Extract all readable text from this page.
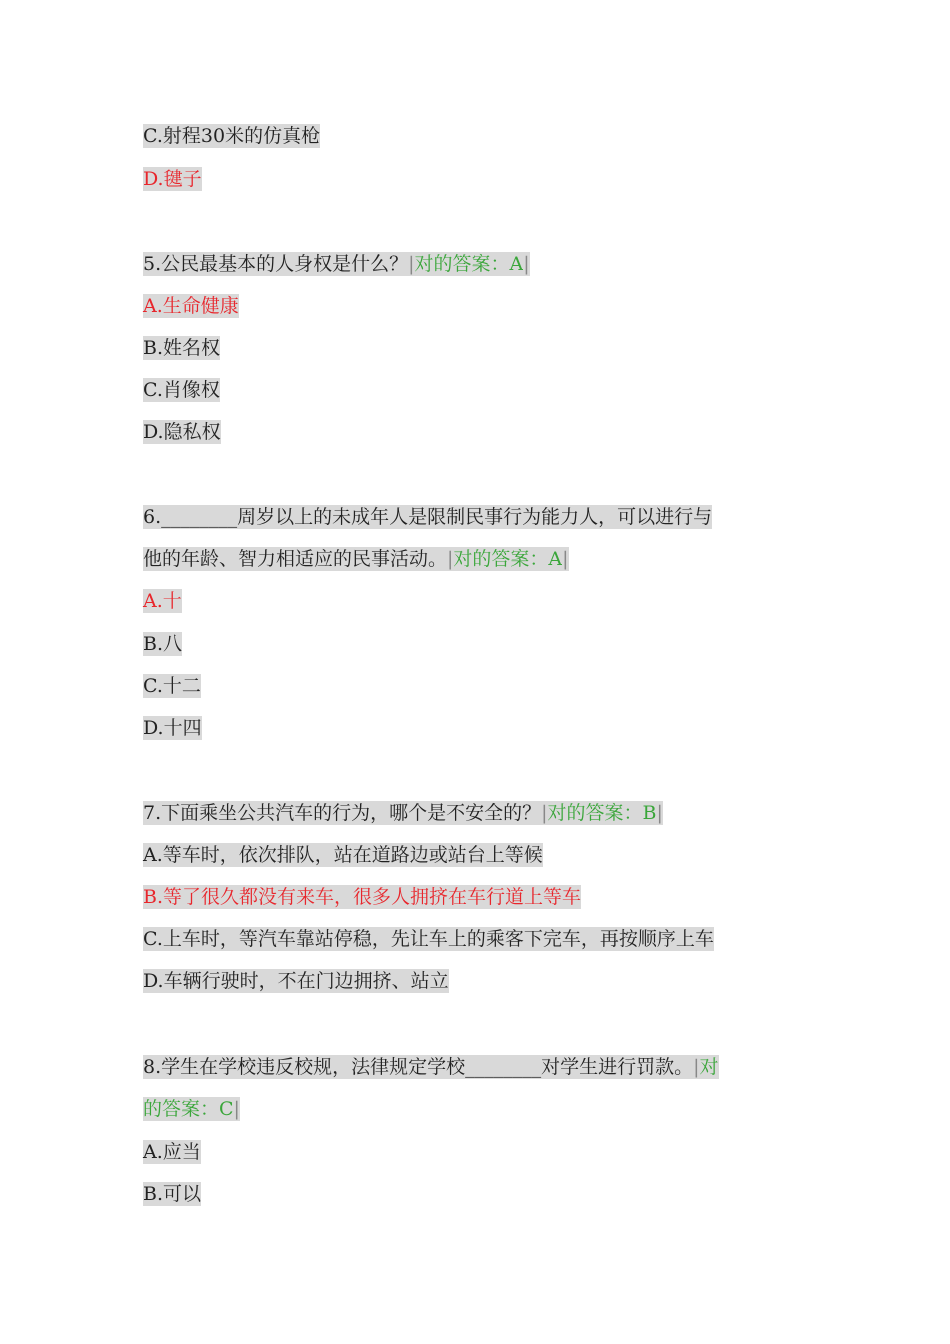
C.射程30米的仿真枪
D.毽子
5.公民最基本的人身权是什么？|对的答案：A|
A.生命健康
B.姓名权
C.肖像权
D.隐私权
6.________周岁以上的未成年人是限制民事行为能力人，可以进行与
他的年龄、智力相适应的民事活动。|对的答案：A|
A.十
B.八
C.十二
D.十四
7.下面乘坐公共汽车的行为，哪个是不安全的？|对的答案：B|
A.等车时，依次排队，站在道路边或站台上等候
B.等了很久都没有来车，很多人拥挤在车行道上等车
C.上车时，等汽车靠站停稳，先让车上的乘客下完车，再按顺序上车
D.车辆行驶时，不在门边拥挤、站立
8.学生在学校违反校规，法律规定学校________对学生进行罚款。|对
的答案：C|
A.应当
B.可以
